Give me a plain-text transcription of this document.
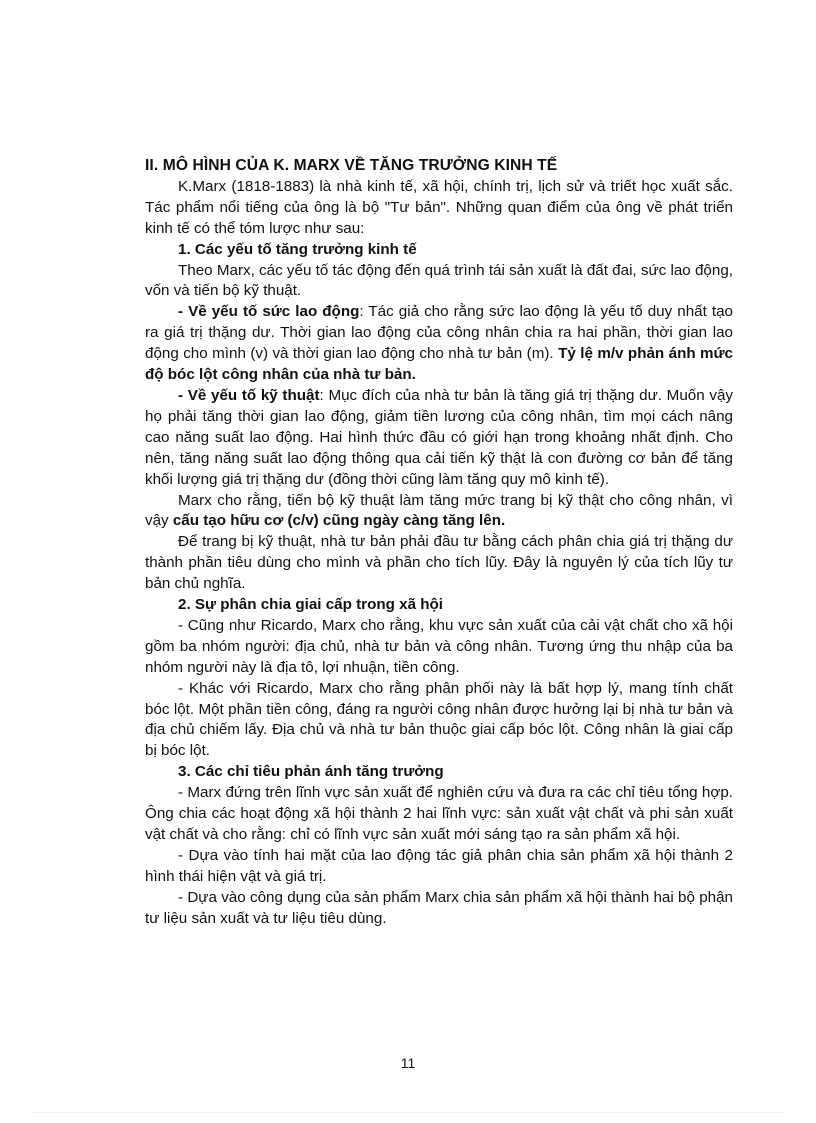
II. MÔ HÌNH CỦA K. MARX VỀ TĂNG TRƯỞNG KINH TẾ

K.Marx (1818-1883) là nhà kinh tế, xã hội, chính trị, lịch sử và triết học xuất sắc. Tác phẩm nổi tiếng của ông là bộ "Tư bản". Những quan điểm của ông về phát triển kinh tế có thể tóm lược như sau:

1. Các yếu tố tăng trưởng kinh tế

Theo Marx, các yếu tố tác động đến quá trình tái sản xuất là đất đai, sức lao động, vốn và tiến bộ kỹ thuật.

- Về yếu tố sức lao động: Tác giả cho rằng sức lao động là yếu tố duy nhất tạo ra giá trị thặng dư. Thời gian lao động của công nhân chia ra hai phần, thời gian lao động cho mình (v) và thời gian lao động cho nhà tư bản (m). Tỷ lệ m/v phản ánh mức độ bóc lột công nhân của nhà tư bản.

- Về yếu tố kỹ thuật: Mục đích của nhà tư bản là tăng giá trị thặng dư. Muốn vậy họ phải tăng thời gian lao động, giảm tiền lương của công nhân, tìm mọi cách nâng cao năng suất lao động. Hai hình thức đầu có giới hạn trong khoảng nhất định. Cho nên, tăng năng suất lao động thông qua cải tiến kỹ thật là con đường cơ bản để tăng khối lượng giá trị thặng dư (đồng thời cũng làm tăng quy mô kinh tế).

Marx cho rằng, tiến bộ kỹ thuật làm tăng mức trang bị kỹ thật cho công nhân, vì vậy cấu tạo hữu cơ (c/v) cũng ngày càng tăng lên.

Để trang bị kỹ thuật, nhà tư bản phải đầu tư bằng cách phân chia giá trị thặng dư thành phần tiêu dùng cho mình và phần cho tích lũy. Đây là nguyên lý của tích lũy tư bản chủ nghĩa.

2. Sự phân chia giai cấp trong xã hội

- Cũng như Ricardo, Marx cho rằng, khu vực sản xuất của cải vật chất cho xã hội gồm ba nhóm người: địa chủ, nhà tư bản và công nhân. Tương ứng thu nhập của ba nhóm người này là địa tô, lợi nhuận, tiền công.

- Khác với Ricardo, Marx cho rằng phân phối này là bất hợp lý, mang tính chất bóc lột. Một phần tiền công, đáng ra người công nhân được hưởng lại bị nhà tư bản và địa chủ chiếm lấy. Địa chủ và nhà tư bản thuộc giai cấp bóc lột. Công nhân là giai cấp bị bóc lột.

3. Các chỉ tiêu phản ánh tăng trưởng

- Marx đứng trên lĩnh vực sản xuất để nghiên cứu và đưa ra các chỉ tiêu tổng hợp. Ông chia các hoạt động xã hội thành 2 hai lĩnh vực: sản xuất vật chất và phi sản xuất vật chất và cho rằng: chỉ có lĩnh vực sản xuất mới sáng tạo ra sản phẩm xã hội.

- Dựa vào tính hai mặt của lao động tác giả phân chia sản phẩm xã hội thành 2 hình thái hiện vật và giá trị.

- Dựa vào công dụng của sản phẩm Marx chia sản phẩm xã hội thành hai bộ phận tư liệu sản xuất và tư liệu tiêu dùng.

11
